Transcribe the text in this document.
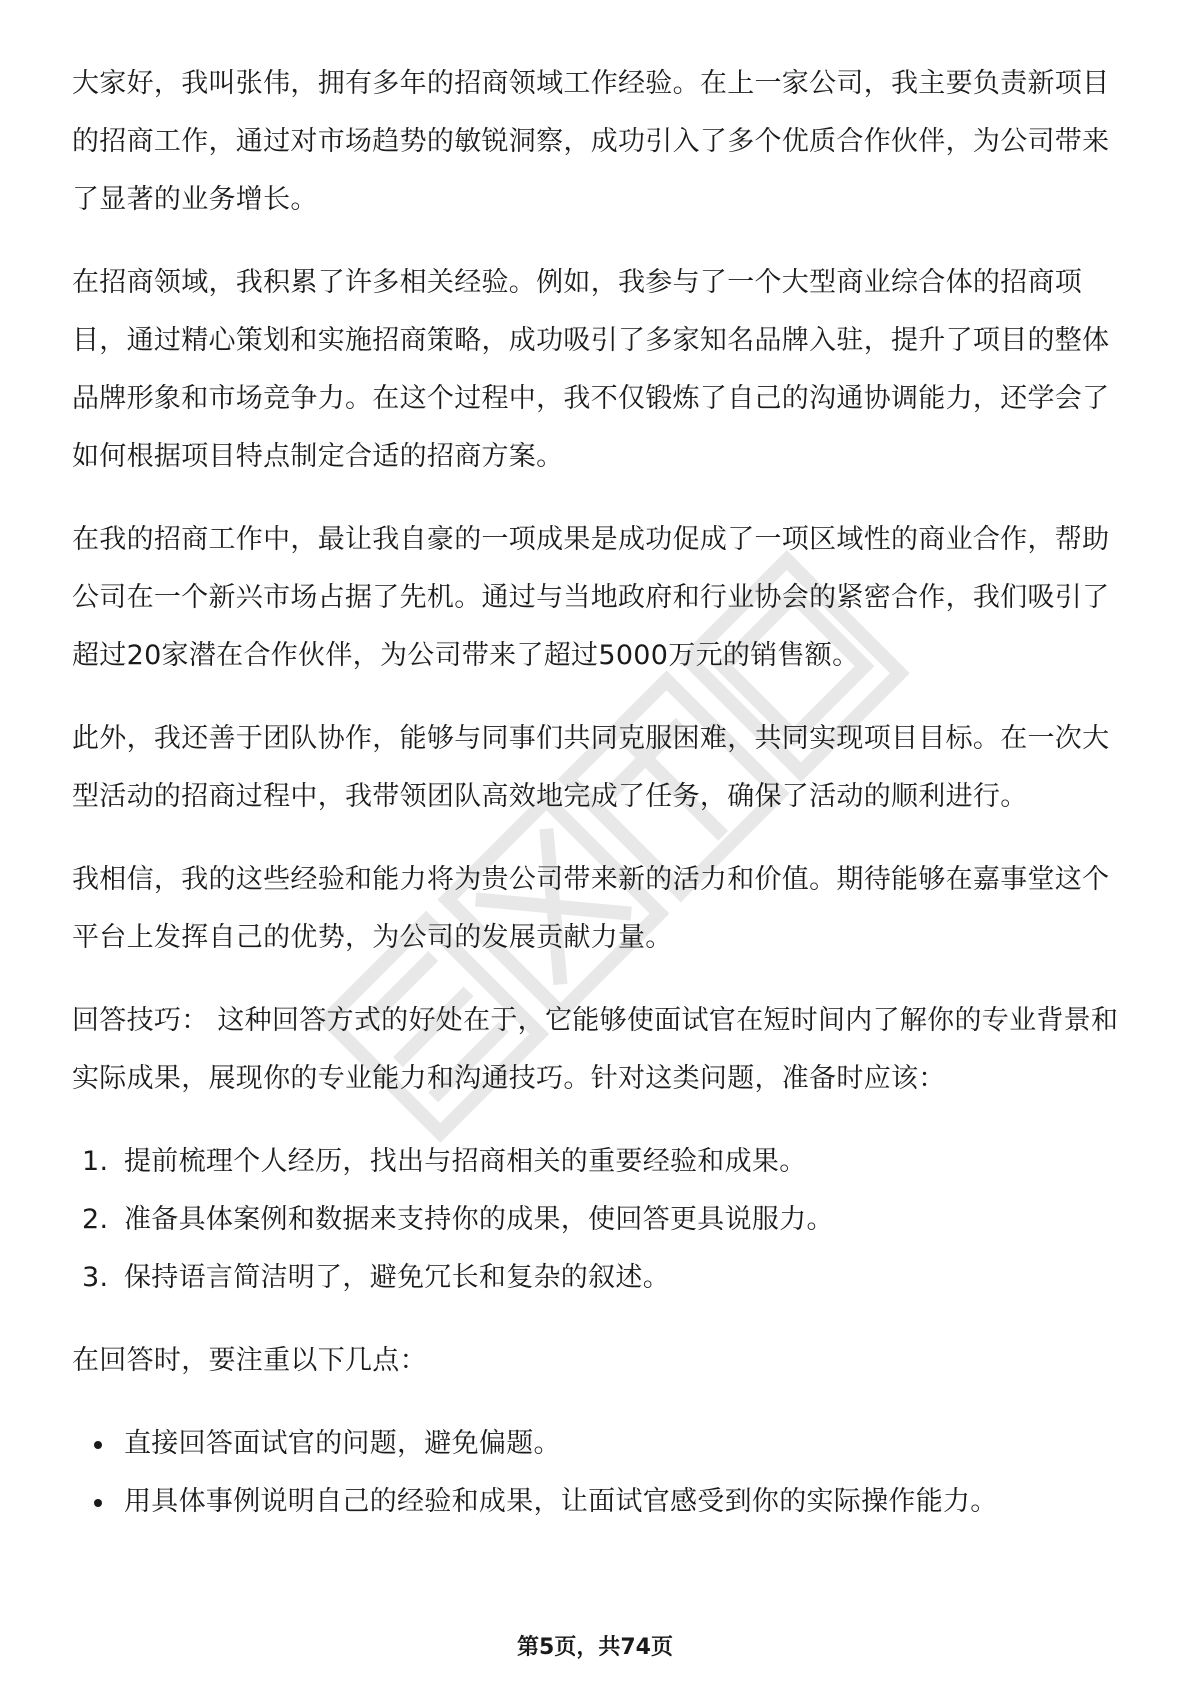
大家好，我叫张伟，拥有多年的招商领域工作经验。在上一家公司，我主要负责新项目的招商工作，通过对市场趋势的敏锐洞察，成功引入了多个优质合作伙伴，为公司带来了显著的业务增长。

在招商领域，我积累了许多相关经验。例如，我参与了一个大型商业综合体的招商项目，通过精心策划和实施招商策略，成功吸引了多家知名品牌入驻，提升了项目的整体品牌形象和市场竞争力。在这个过程中，我不仅锻炼了自己的沟通协调能力，还学会了如何根据项目特点制定合适的招商方案。

在我的招商工作中，最让我自豪的一项成果是成功促成了一项区域性的商业合作，帮助公司在一个新兴市场占据了先机。通过与当地政府和行业协会的紧密合作，我们吸引了超过20家潜在合作伙伴，为公司带来了超过5000万元的销售额。

此外，我还善于团队协作，能够与同事们共同克服困难，共同实现项目目标。在一次大型活动的招商过程中，我带领团队高效地完成了任务，确保了活动的顺利进行。

我相信，我的这些经验和能力将为贵公司带来新的活力和价值。期待能够在嘉事堂这个平台上发挥自己的优势，为公司的发展贡献力量。

回答技巧： 这种回答方式的好处在于，它能够使面试官在短时间内了解你的专业背景和实际成果，展现你的专业能力和沟通技巧。针对这类问题，准备时应该：

1. 提前梳理个人经历，找出与招商相关的重要经验和成果。
2. 准备具体案例和数据来支持你的成果，使回答更具说服力。
3. 保持语言简洁明了，避免冗长和复杂的叙述。

在回答时，要注重以下几点：

直接回答面试官的问题，避免偏题。
用具体事例说明自己的经验和成果，让面试官感受到你的实际操作能力。
第5页，共74页
